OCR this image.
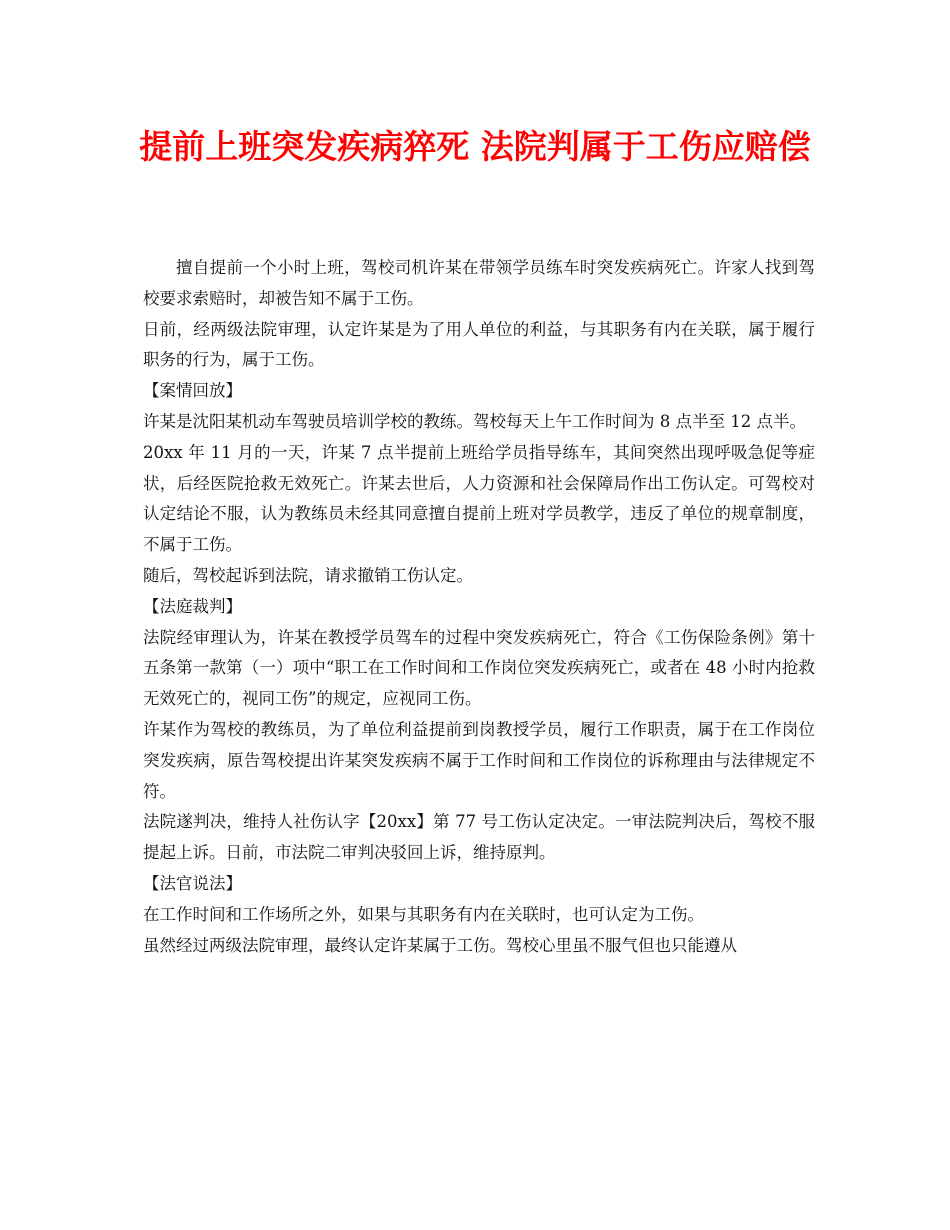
提前上班突发疾病猝死 法院判属于工伤应赔偿

擅自提前一个小时上班，驾校司机许某在带领学员练车时突发疾病死亡。许家人找到驾校要求索赔时，却被告知不属于工伤。

日前，经两级法院审理，认定许某是为了用人单位的利益，与其职务有内在关联，属于履行职务的行为，属于工伤。

【案情回放】

许某是沈阳某机动车驾驶员培训学校的教练。驾校每天上午工作时间为 8 点半至 12 点半。

20xx 年 11 月的一天，许某 7 点半提前上班给学员指导练车，其间突然出现呼吸急促等症状，后经医院抢救无效死亡。许某去世后，人力资源和社会保障局作出工伤认定。可驾校对认定结论不服，认为教练员未经其同意擅自提前上班对学员教学，违反了单位的规章制度，不属于工伤。

随后，驾校起诉到法院，请求撤销工伤认定。

【法庭裁判】

法院经审理认为，许某在教授学员驾车的过程中突发疾病死亡，符合《工伤保险条例》第十五条第一款第（一）项中“职工在工作时间和工作岗位突发疾病死亡，或者在 48 小时内抢救无效死亡的，视同工伤”的规定，应视同工伤。

许某作为驾校的教练员，为了单位利益提前到岗教授学员，履行工作职责，属于在工作岗位突发疾病，原告驾校提出许某突发疾病不属于工作时间和工作岗位的诉称理由与法律规定不符。

法院遂判决，维持人社伤认字【20xx】第 77 号工伤认定决定。一审法院判决后，驾校不服提起上诉。日前，市法院二审判决驳回上诉，维持原判。

【法官说法】

在工作时间和工作场所之外，如果与其职务有内在关联时，也可认定为工伤。

虽然经过两级法院审理，最终认定许某属于工伤。驾校心里虽不服气但也只能遵从
